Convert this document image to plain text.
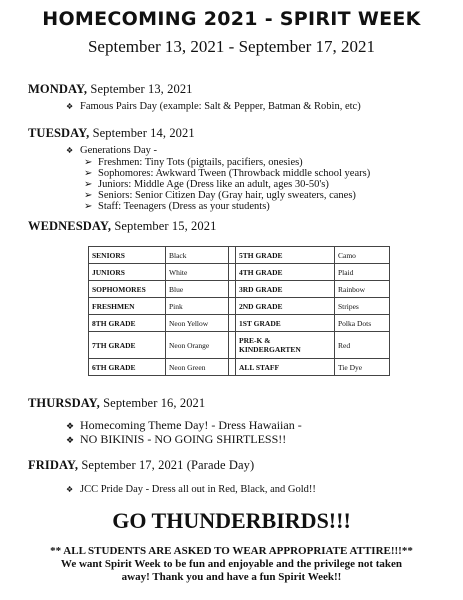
HOMECOMING 2021 - SPIRIT WEEK
September 13, 2021 - September 17, 2021
MONDAY, September 13, 2021
❖ Famous Pairs Day (example: Salt & Pepper, Batman & Robin, etc)
TUESDAY, September 14, 2021
❖ Generations Day -
➢ Freshmen: Tiny Tots (pigtails, pacifiers, onesies)
➢ Sophomores: Awkward Tween (Throwback middle school years)
➢ Juniors: Middle Age (Dress like an adult, ages 30-50's)
➢ Seniors: Senior Citizen Day (Gray hair, ugly sweaters, canes)
➢ Staff: Teenagers (Dress as your students)
WEDNESDAY, September 15, 2021
SENIORS	Black		5TH GRADE	Camo
JUNIORS	White		4TH GRADE	Plaid
SOPHOMORES	Blue		3RD GRADE	Rainbow
FRESHMEN	Pink		2ND GRADE	Stripes
8TH GRADE	Neon Yellow		1ST GRADE	Polka Dots
7TH GRADE	Neon Orange		PRE-K & KINDERGARTEN	Red
6TH GRADE	Neon Green		ALL STAFF	Tie Dye
THURSDAY, September 16, 2021
❖ Homecoming Theme Day! - Dress Hawaiian -
❖ NO BIKINIS - NO GOING SHIRTLESS!!
FRIDAY, September 17, 2021 (Parade Day)
❖ JCC Pride Day - Dress all out in Red, Black, and Gold!!
GO THUNDERBIRDS!!!
** ALL STUDENTS ARE ASKED TO WEAR APPROPRIATE ATTIRE!!!**
We want Spirit Week to be fun and enjoyable and the privilege not taken
away! Thank you and have a fun Spirit Week!!
